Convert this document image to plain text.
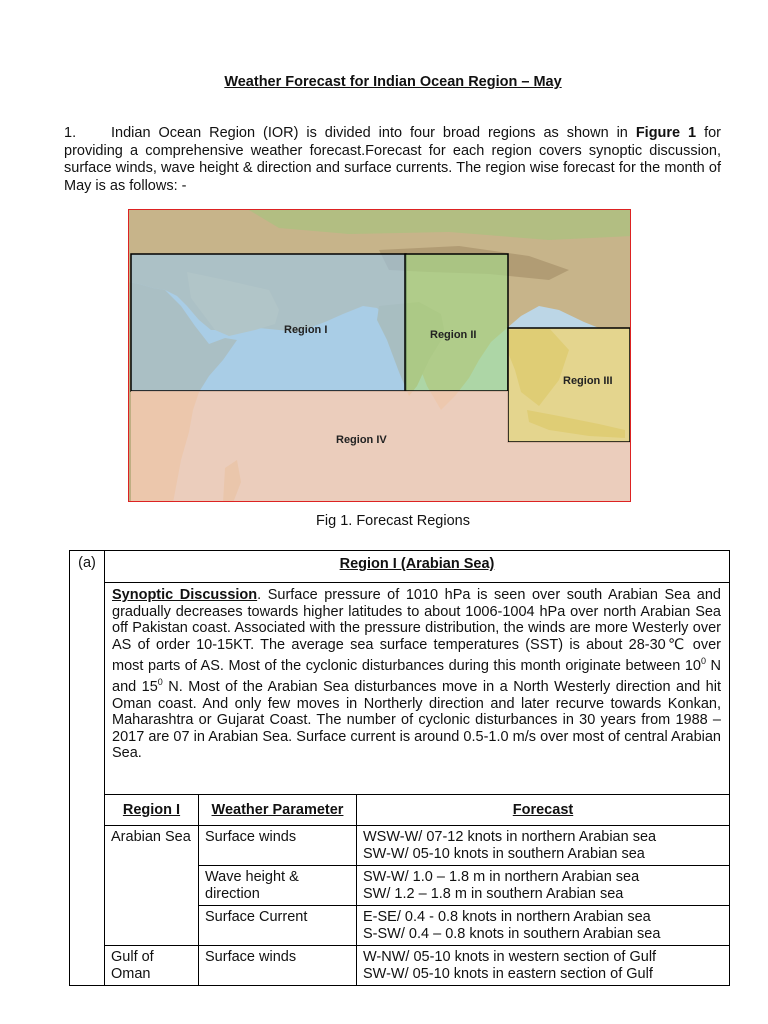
Weather Forecast for Indian Ocean Region – May
1. Indian Ocean Region (IOR) is divided into four broad regions as shown in Figure 1 for providing a comprehensive weather forecast.Forecast for each region covers synoptic discussion, surface winds, wave height & direction and surface currents. The region wise forecast for the month of May is as follows: -
Region I	Region II
Region III
Region IV
Fig 1. Forecast Regions
(a)	Region I (Arabian Sea)		
	Synoptic Discussion. Surface pressure of 1010 hPa is seen over south Arabian Sea and gradually decreases towards higher latitudes to about 1006-1004 hPa over north Arabian Sea off Pakistan coast. Associated with the pressure distribution, the winds are more Westerly over AS of order 10-15KT. The average sea surface temperatures (SST) is about 28-30℃ over most parts of AS. Most of the cyclonic disturbances during this month originate between $10^0$ N and $15^0$ N. Most of the Arabian Sea disturbances move in a North Westerly direction and hit Oman coast. And only few moves in Northerly direction and later recurve towards Konkan, Maharashtra or Gujarat Coast. The number of cyclonic disturbances in 30 years from 1988 – 2017 are 07 in Arabian Sea. Surface current is around 0.5-1.0 m/s over most of central Arabian Sea.		
	Region I	Weather Parameter	Forecast
	Arabian Sea	Surface winds	WSW-W/ 07-12 knots in northern Arabian sea
SW-W/ 05-10 knots in southern Arabian sea

		Wave height & direction	SW-W/ 1.0 – 1.8 m in northern Arabian sea
SW/ 1.2 – 1.8 m in southern Arabian sea

		Surface Current	E-SE/ 0.4 - 0.8 knots in northern Arabian sea
S-SW/ 0.4 – 0.8 knots in southern Arabian sea

	Gulf of Oman	Surface winds	W-NW/ 05-10 knots in western section of Gulf
SW-W/ 05-10 knots in eastern section of Gulf
